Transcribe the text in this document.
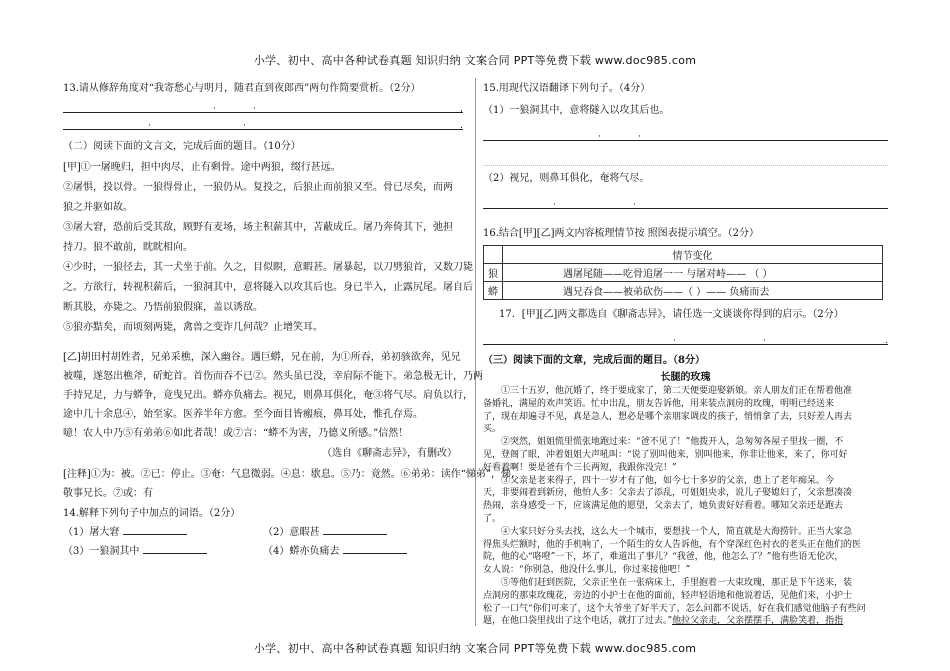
小学、初中、高中各种试卷真题 知识归纳 文案合同 PPT等免费下载 www.doc985.com
13.请从修辞角度对“我寄愁心与明月，随君直到夜郎西”两句作简要赏析。（2分）
·	·	,
·	·	.
（二）阅读下面的文言文，完成后面的题目。（10分）
[甲]①一屠晚归，担中肉尽，止有剩骨。途中两狼，缀行甚远。
②屠惧，投以骨。一狼得骨止，一狼仍从。复投之，后狼止而前狼又至。骨已尽矣，而两
狼之并驱如故。
③屠大窘，恐前后受其敌，顾野有麦场，场主积薪其中，苫蔽成丘。屠乃奔倚其下，弛担
持刀。狼不敢前，眈眈相向。
④少时，一狼径去，其一犬坐于前。久之，目似瞑，意暇甚。屠暴起，以刀劈狼首，又数刀毙
之。方欲行，转视积薪后，一狼洞其中，意将隧入以攻其后也。身已半入，止露尻尾。屠自后
断其股，亦毙之。乃悟前狼假寐，盖以诱敌。
⑤狼亦黠矣，而顷刻两毙，禽兽之变诈几何哉？止增笑耳。
[乙]胡田村胡姓者，兄弟采樵，深入幽谷。遇巨蟒，兄在前，为①所吞，弟初骇欲奔，见兄
被噬，遂怒出樵斧，斫蛇首。首伤而吞不已②。然头虽已没，幸肩际不能下。弟急极无计，乃两
手持兄足，力与蟒争，竟曳兄出。蟒亦负痛去。视兄，则鼻耳俱化，奄③将气尽。肩负以行，
途中几十余息④，始至家。医养半年方愈。至今面目皆瘢痕，鼻耳处，惟孔存焉。
噫！农人中乃⑤有弟弟⑥如此者哉！或⑦言：“蟒不为害，乃德义所感。”信然！
（选自《聊斋志异》，有删改）
[注释]①为：被。②已：停止。③奄：气息微弱。④息：歇息。⑤乃：竟然。⑥弟弟：读作“悌弟”，悌，
敬事兄长。⑦或：有
14.解释下列句子中加点的词语。（2分）
（1）屠大窘	（2）意暇甚
（3）一狼洞其中	（4）蟒亦负痛去
15.用现代汉语翻译下列句子。（4分）
（1）一狼洞其中，意将隧入以攻其后也。
·	·
（2）视兄，则鼻耳俱化，奄将气尽。
·	·
16.结合[甲][乙]两文内容梳理情节按 照图表提示填空。（2分）
	情节变化
狼	遇屠尾随——吃骨追屠一一 与屠对峙—— （ ）
蟒	遇兄吞食——被弟砍伤——（ ）—— 负痛而去
17．[甲][乙]两文都选自《聊斋志异》，请任选一文谈谈你得到的启示。（2分）
·	·	.
（三）阅读下面的文章，完成后面的题目。（8分）
长腿的玫瑰
①三十五岁，他沉婚了，终于要成家了，第二天便要迎娶新娘。亲人朋友们正在帮着他准
备婚礼，满屋的欢声笑语。忙中出乱，朋友告诉他，用来装点洞房的玫瑰，明明已经送来
了，现在却遍寻不见，真是急人，想必是哪个亲朋家调皮的孩子，悄悄拿了去，只好差人再去
买。
②突然，姐姐慌里慌张地跑过来：“爸不见了！”他拨开人，急匆匆各屋子里找一圈，不
见，登阁了眼，冲着姐姐大声吼叫：“说了别叫他来，别叫他来，你非让他来，来了，你可好
好看着啊！要是爸有个三长两短，我跟你没完！”
③父亲是老来得子，四十一岁才有了他，如今七十多岁的父亲，患上了老年痴呆。今
天，非要闹着到新房，他怕人多：父亲去了添乱，可姐姐央求，说儿子娶媳妇了，父亲想凑凑
热闹，亲身感受一下，应该满足他的愿望，父亲去了，她负责好好看着。哪知父亲还是跑去
了。
④大家只好分头去找，这么大一个城市，要想找一个人，简直就是大海捞针。正当大家急
得焦头烂额时，他的手机响了，一个陌生的女人告诉他，有个穿深红色衬衣的老头正在他们的医
院，他的心“咯噔”一下，坏了，难道出了事儿？“我爸，他，他怎么了？”他有些语无伦次，
女人说：“你别急，他没什么事儿，你过来接他吧！”
⑤等他们赶到医院，父亲正坐在一张病床上，手里抱着一大束玫瑰，那正是下午送来，装
点洞房的那束玫瑰花，旁边的小护士在他的面前，轻声轻语地和他说着话，见他们来，小护士
松了一口气“你们可来了，这个大爷坐了好半天了，怎么问都不说话，好在我们感觉他脑子有些问
题，在他口袋里找出了这个电话，就打了过去。”他拉父亲走，父亲摆摆手，满脸笑着，指指
小学、初中、高中各种试卷真题 知识归纳 文案合同 PPT等免费下载 www.doc985.com
